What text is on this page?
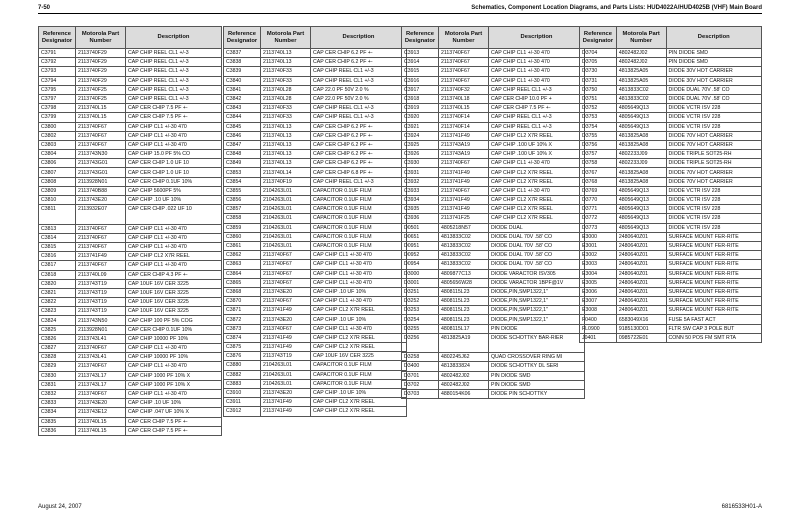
7-50	Schematics, Component Location Diagrams, and Parts Lists: HUD4022A/HUD4025B (VHF) Main Board
Reference Designator	Motorola Part Number	Description
C3791	2113740F29	CAP CHIP REEL CL1 +/-3
C3792	2113740F29	CAP CHIP REEL CL1 +/-3
C3793	2113740F29	CAP CHIP REEL CL1 +/-3
C3794	2113740F29	CAP CHIP REEL CL1 +/-3
C3795	2113740F25	CAP CHIP REEL CL1 +/-3
C3797	2113740F25	CAP CHIP REEL CL1 +/-3
C3798	2113740L15	CAP CER CHIP 7.5 PF +-
C3799	2113740L15	CAP CER CHIP 7.5 PF +-
C3800	2113740F67	CAP CHIP CL1 +/-30 470
C3802	2113740F67	CAP CHIP CL1 +/-30 470
C3803	2113740F67	CAP CHIP CL1 +/-30 470
C3804	2113743N30	CAP CHIP 15.0 PF 5% CO
C3806	2113743G01	CAP CER CHIP 1.0 UF 10
C3807	2113743G01	CAP CER CHIP 1.0 UF 10
C3808	2113928N01	CAP CER CHIP 0.1UF 10%
C3809	2113740B88	CAP CHIP 5600PF 5%
C3810	2113743E20	CAP CHIP .10 UF 10%
C3811	2113932E07	CAP CER CHIP .022 UF 10
C3813	2113740F67	CAP CHIP CL1 +/-30 470
C3814	2113740F67	CAP CHIP CL1 +/-30 470
C3815	2113740F67	CAP CHIP CL1 +/-30 470
C3816	2113741F49	CAP CHIP CL2 X7R REEL
C3817	2113740F67	CAP CHIP CL1 +/-30 470
C3818	2113740L09	CAP CER CHIP 4.3 PF +-
C3820	2113743T19	CAP 10UF 16V CER 3225
C3821	2113743T19	CAP 10UF 16V CER 3225
C3822	2113743T19	CAP 10UF 16V CER 3225
C3823	2113743T19	CAP 10UF 16V CER 3225
C3824	2113743N50	CAP CHIP 100 PF 5% COG
C3825	2113928N01	CAP CER CHIP 0.1UF 10%
C3826	2113743L41	CAP CHIP 10000 PF 10%
C3827	2113740F67	CAP CHIP CL1 +/-30 470
C3828	2113743L41	CAP CHIP 10000 PF 10%
C3829	2113740F67	CAP CHIP CL1 +/-30 470
C3830	2113743L17	CAP CHIP 1000 PF 10% X
C3831	2113743L17	CAP CHIP 1000 PF 10% X
C3832	2113740F67	CAP CHIP CL1 +/-30 470
C3833	2113743E20	CAP CHIP .10 UF 10%
C3834	2113743E12	CAP CHIP .047 UF 10% X
C3835	2113740L15	CAP CER CHIP 7.5 PF +-
C3836	2113740L15	CAP CER CHIP 7.5 PF +-
Reference Designator	Motorola Part Number	Description
C3837	2113740L13	CAP CER CHIP 6.2 PF +-
C3838	2113740L13	CAP CER CHIP 6.2 PF +-
C3839	2113740F33	CAP CHIP REEL CL1 +/-3
C3840	2113740F33	CAP CHIP REEL CL1 +/-3
C3841	2113740L28	CAP 22.0 PF 50V 2.0 %
C3842	2113740L28	CAP 22.0 PF 50V 2.0 %
C3843	2113740F33	CAP CHIP REEL CL1 +/-3
C3844	2113740F33	CAP CHIP REEL CL1 +/-3
C3845	2113740L13	CAP CER CHIP 6.2 PF +-
C3846	2113740L13	CAP CER CHIP 6.2 PF +-
C3847	2113740L13	CAP CER CHIP 6.2 PF +-
C3848	2113740L13	CAP CER CHIP 6.2 PF +-
C3849	2113740L13	CAP CER CHIP 6.2 PF +-
C3853	2113740L14	CAP CER CHIP 6.8 PF +-
C3854	2113740F19	CAP CHIP REEL CL1 +/-3
C3855	2104263L01	CAPACITOR 0.1UF FILM
C3856	2104263L01	CAPACITOR 0.1UF FILM
C3857	2104263L01	CAPACITOR 0.1UF FILM
C3858	2104263L01	CAPACITOR 0.1UF FILM
C3859	2104263L01	CAPACITOR 0.1UF FILM
C3860	2104263L01	CAPACITOR 0.1UF FILM
C3861	2104263L01	CAPACITOR 0.1UF FILM
C3862	2113740F67	CAP CHIP CL1 +/-30 470
C3863	2113740F67	CAP CHIP CL1 +/-30 470
C3864	2113740F67	CAP CHIP CL1 +/-30 470
C3865	2113740F67	CAP CHIP CL1 +/-30 470
C3868	2113743E20	CAP CHIP .10 UF 10%
C3870	2113740F67	CAP CHIP CL1 +/-30 470
C3871	2113741F49	CAP CHIP CL2 X7R REEL
C3872	2113743E20	CAP CHIP .10 UF 10%
C3873	2113740F67	CAP CHIP CL1 +/-30 470
C3874	2113741F49	CAP CHIP CL2 X7R REEL
C3875	2113741F49	CAP CHIP CL2 X7R REEL
C3876	2113743T19	CAP 10UF 16V CER 3225
C3880	2104263L01	CAPACITOR 0.1UF FILM
C3882	2104263L01	CAPACITOR 0.1UF FILM
C3883	2104263L01	CAPACITOR 0.1UF FILM
C3910	2113743E20	CAP CHIP .10 UF 10%
C3911	2113741F49	CAP CHIP CL2 X7R REEL
C3912	2113741F49	CAP CHIP CL2 X7R REEL
Reference Designator	Motorola Part Number	Description
C3913	2113740F67	CAP CHIP CL1 +/-30 470
C3914	2113740F67	CAP CHIP CL1 +/-30 470
C3915	2113740F67	CAP CHIP CL1 +/-30 470
C3916	2113740F67	CAP CHIP CL1 +/-30 470
C3917	2113740F32	CAP CHIP REEL CL1 +/-3
C3918	2113740L18	CAP CER CHIP 10.0 PF +
C3919	2113740L15	CAP CER CHIP 7.5 PF +-
C3920	2113740F14	CAP CHIP REEL CL1 +/-3
C3921	2113740F14	CAP CHIP REEL CL1 +/-3
C3924	2113741F49	CAP CHIP CL2 X7R REEL
C3925	2113743A19	CAP CHIP .100 UF 10% X
C3926	2113743A19	CAP CHIP .100 UF 10% X
C3930	2113740F67	CAP CHIP CL1 +/-30 470
C3931	2113741F49	CAP CHIP CL2 X7R REEL
C3932	2113741F49	CAP CHIP CL2 X7R REEL
C3933	2113740F67	CAP CHIP CL1 +/-30 470
C3934	2113741F49	CAP CHIP CL2 X7R REEL
C3935	2113741F49	CAP CHIP CL2 X7R REEL
C3936	2113741F25	CAP CHIP CL2 X7R REEL
D0501	4805218N57	DIODE DUAL
D0651	4813833C02	DIODE DUAL 70V .58' CO
D0951	4813833C02	DIODE DUAL 70V .58' CO
D0952	4813833C02	DIODE DUAL 70V .58' CO
D0954	4813833C02	DIODE DUAL 70V .58' CO
D3000	4809877C13	DIODE VARACTOR ISV305
D3001	4805656W28	DIODE VARACTOR 1BPF@1V
D3251	4808115L23	DIODE,PIN,SMP1322,1"
D3252	4808115L23	DIODE,PIN,SMP1322,1"
D3253	4808115L23	DIODE,PIN,SMP1322,1"
D3254	4808115L23	DIODE,PIN,SMP1322,1"
D3255	4808115L17	PIN DIODE
D3256	4813825A19	DIODE SCHOTTKY BAR-RIER
D3258	4802245J62	QUAD CROSSOVER RING MI
D3400	4813833824	DIODE SCHOTTKY DL SERI
D3701	4802482J02	PIN DIODE SMD
D3702	4802482J02	PIN DIODE SMD
D3703	4880154K06	DIODE PIN SCHOTTKY
Reference Designator	Motorola Part Number	Description
D3704	4802482J02	PIN DIODE SMD
D3705	4802482J02	PIN DIODE SMD
D3730	4813825A05	DIODE 30V HOT CARRIER
D3731	4813825A05	DIODE 30V HOT CARRIER
D3750	4813833C02	DIODE DUAL 70V .58' CO
D3751	4813833C02	DIODE DUAL 70V .58' CO
D3752	4805649Q13	DIODE VCTR ISV 228
D3753	4805649Q13	DIODE VCTR ISV 228
D3754	4805649Q13	DIODE VCTR ISV 228
D3755	4813825A08	DIODE 70V HOT CARRIER
D3756	4813825A08	DIODE 70V HOT CARRIER
D3757	4802233J09	DIODE TRIPLE SOT25-RH
D3758	4802233J09	DIODE TRIPLE SOT25-RH
D3767	4813825A08	DIODE 70V HOT CARRIER
D3768	4813825A08	DIODE 70V HOT CARRIER
D3769	4805649Q13	DIODE VCTR ISV 228
D3770	4805649Q13	DIODE VCTR ISV 228
D3771	4805649Q13	DIODE VCTR ISV 228
D3772	4805649Q13	DIODE VCTR ISV 228
D3773	4805649Q13	DIODE VCTR ISV 228
E3000	2480640Z01	SURFACE MOUNT FER-RITE
E3001	2480640Z01	SURFACE MOUNT FER-RITE
E3002	2480640Z01	SURFACE MOUNT FER-RITE
E3003	2480640Z01	SURFACE MOUNT FER-RITE
E3004	2480640Z01	SURFACE MOUNT FER-RITE
E3005	2480640Z01	SURFACE MOUNT FER-RITE
E3006	2480640Z01	SURFACE MOUNT FER-RITE
E3007	2480640Z01	SURFACE MOUNT FER-RITE
E3008	2480640Z01	SURFACE MOUNT FER-RITE
F0400	6583049X16	FUSE 5A FAST ACT
FL0900	9185130D01	FLTR SW CAP 3 POLE BUT
J0401	0985722E01	CONN 50 POS FM SMT RTA
August 24, 2007	6816533H01-A
